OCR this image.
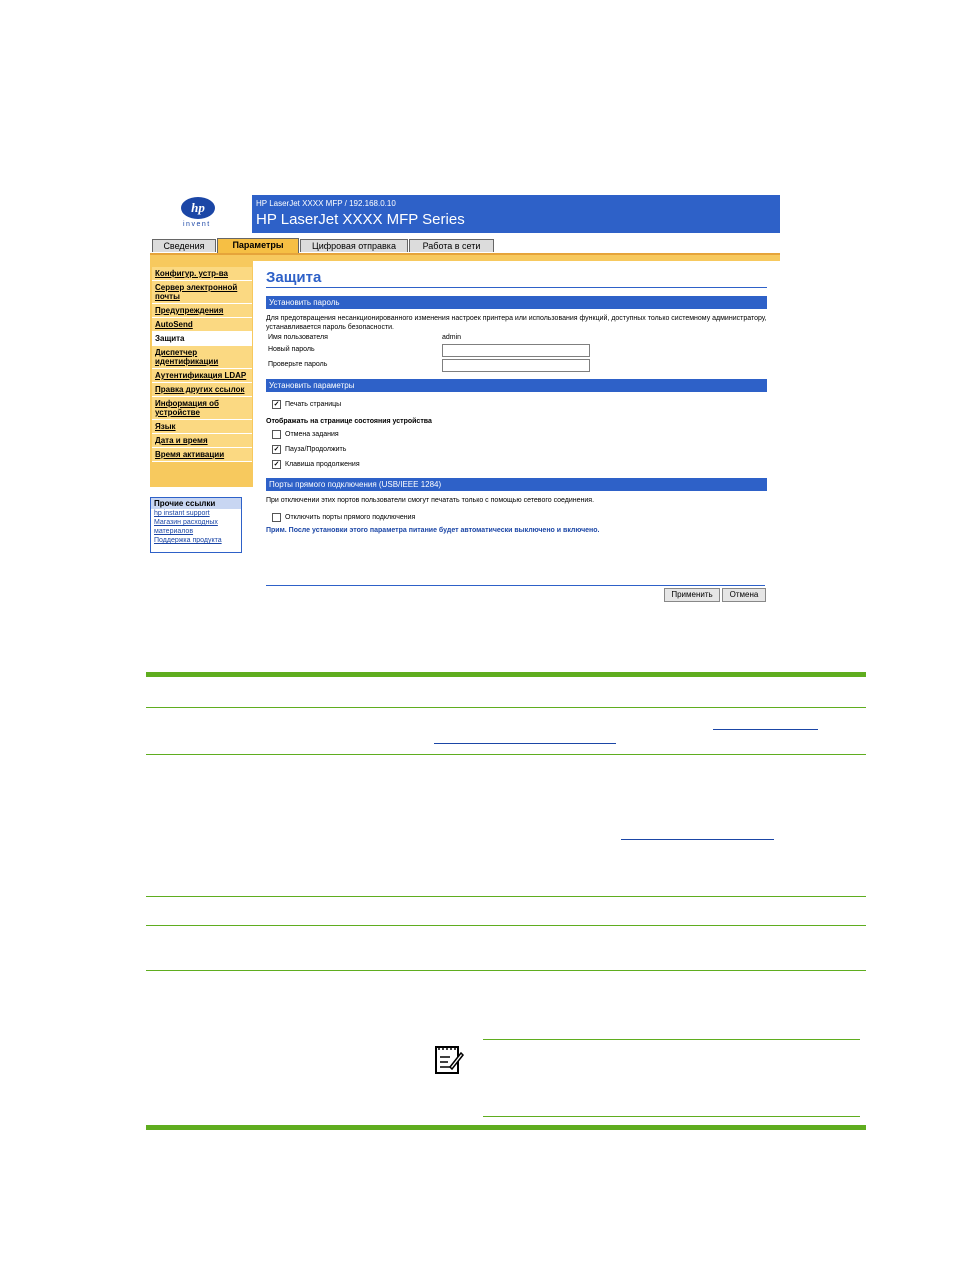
hp
invent
HP LaserJet XXXX MFP / 192.168.0.10
HP LaserJet XXXX MFP Series
Сведения	Параметры	Цифровая отправка	Работа в сети
Конфигур. устр-ва
Сервер электронной почты
Предупреждения
AutoSend
Защита
Диспетчер идентификации
Аутентификация LDAP
Правка других ссылок
Информация об устройстве
Язык
Дата и время
Время активации
Прочие ссылки
hp instant support
Магазин расходных материалов
Поддержка продукта
Защита
Установить пароль
Для предотвращения несанкционированного изменения настроек принтера или использования функций, доступных только системному администратору, устанавливается пароль безопасности.
Имя пользователя	admin
Новый пароль
Проверьте пароль
Установить параметры
✓ Печать страницы
Отображать на странице состояния устройства
Отмена задания
✓ Пауза/Продолжить
✓ Клавиша продолжения
Порты прямого подключения (USB/IEEE 1284)
При отключении этих портов пользователи смогут печатать только с помощью сетевого соединения.
Отключить порты прямого подключения
Прим. После установки этого параметра питание будет автоматически выключено и включено.
Применить	Отмена
